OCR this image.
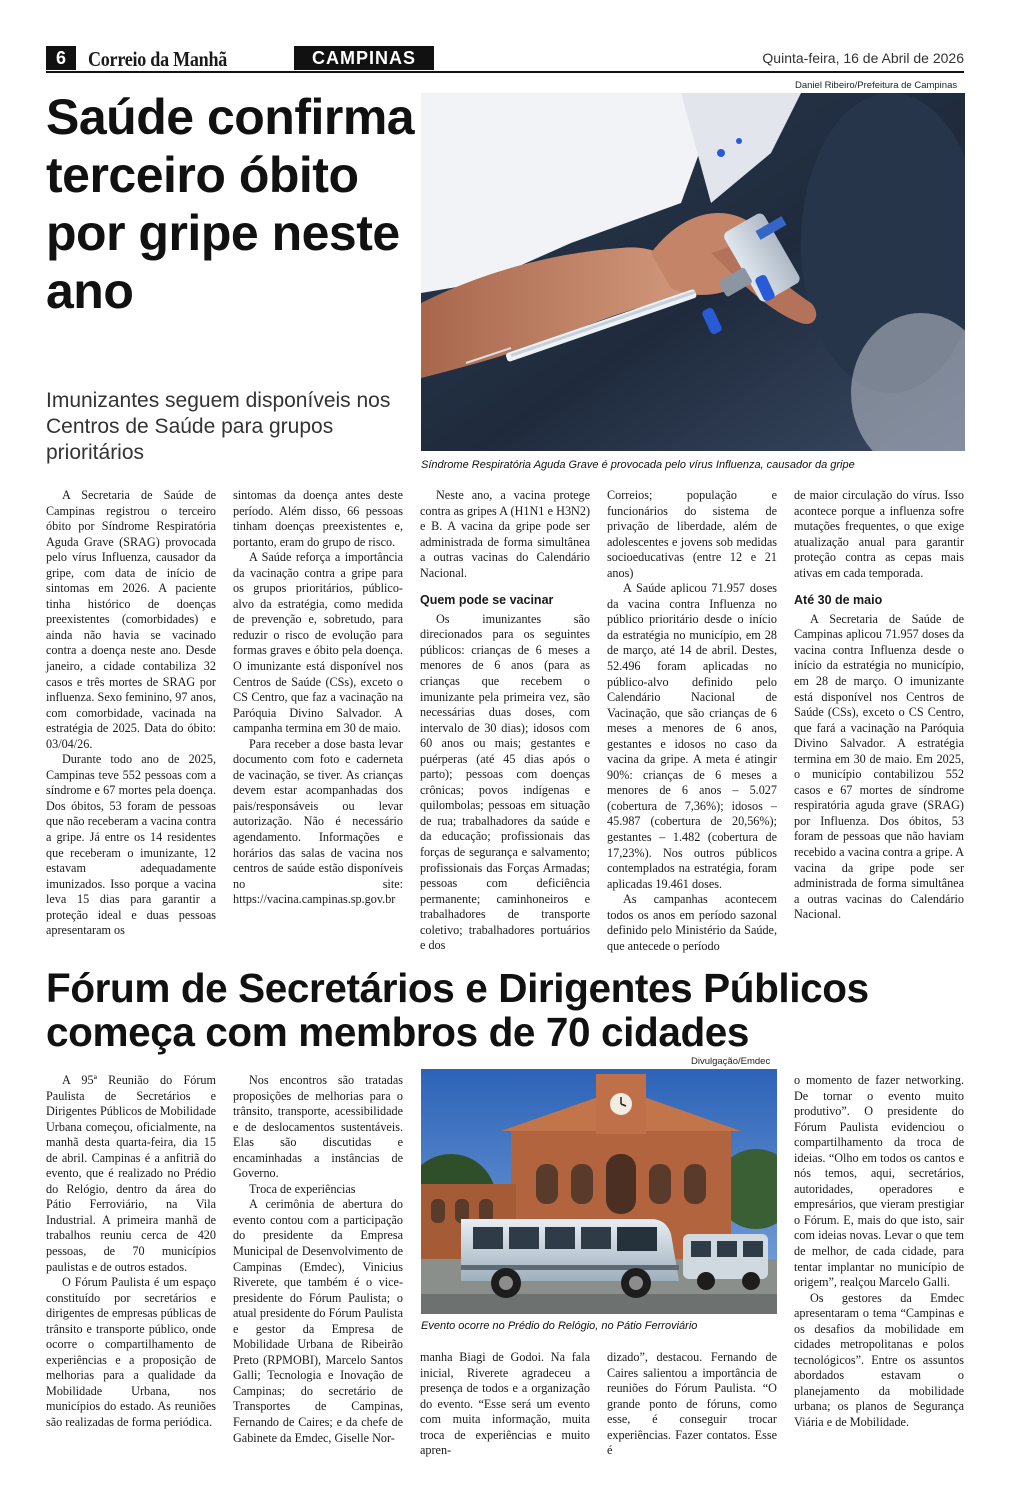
6	Correio da Manhã	CAMPINAS	Quinta-feira, 16 de Abril de 2026
Saúde confirma terceiro óbito por gripe neste ano
Imunizantes seguem disponíveis nos Centros de Saúde para grupos prioritários
Daniel Ribeiro/Prefeitura de Campinas
Síndrome Respiratória Aguda Grave é provocada pelo vírus Influenza, causador da gripe

A Secretaria de Saúde de Campinas registrou o terceiro óbito por Síndrome Respiratória Aguda Grave (SRAG) provocada pelo vírus Influenza, causador da gripe, com data de início de sintomas em 2026. A paciente tinha histórico de doenças preexistentes (comorbidades) e ainda não havia se vacinado contra a doença neste ano. Desde janeiro, a cidade contabiliza 32 casos e três mortes de SRAG por influenza. Sexo feminino, 97 anos, com comorbidade, vacinada na estratégia de 2025. Data do óbito: 03/04/26.

Durante todo ano de 2025, Campinas teve 552 pessoas com a síndrome e 67 mortes pela doença. Dos óbitos, 53 foram de pessoas que não receberam a vacina contra a gripe. Já entre os 14 residentes que receberam o imunizante, 12 estavam adequadamente imunizados. Isso porque a vacina leva 15 dias para garantir a proteção ideal e duas pessoas apresentaram os

sintomas da doença antes deste período. Além disso, 66 pessoas tinham doenças preexistentes e, portanto, eram do grupo de risco.

A Saúde reforça a importância da vacinação contra a gripe para os grupos prioritários, público-alvo da estratégia, como medida de prevenção e, sobretudo, para reduzir o risco de evolução para formas graves e óbito pela doença. O imunizante está disponível nos Centros de Saúde (CSs), exceto o CS Centro, que faz a vacinação na Paróquia Divino Salvador. A campanha termina em 30 de maio.

Para receber a dose basta levar documento com foto e caderneta de vacinação, se tiver. As crianças devem estar acompanhadas dos pais/responsáveis ou levar autorização. Não é necessário agendamento. Informações e horários das salas de vacina nos centros de saúde estão disponíveis no site: https://vacina.campinas.sp.gov.br

Neste ano, a vacina protege contra as gripes A (H1N1 e H3N2) e B. A vacina da gripe pode ser administrada de forma simultânea a outras vacinas do Calendário Nacional.

Quem pode se vacinar

Os imunizantes são direcionados para os seguintes públicos: crianças de 6 meses a menores de 6 anos (para as crianças que recebem o imunizante pela primeira vez, são necessárias duas doses, com intervalo de 30 dias); idosos com 60 anos ou mais; gestantes e puérperas (até 45 dias após o parto); pessoas com doenças crônicas; povos indígenas e quilombolas; pessoas em situação de rua; trabalhadores da saúde e da educação; profissionais das forças de segurança e salvamento; profissionais das Forças Armadas; pessoas com deficiência permanente; caminhoneiros e trabalhadores de transporte coletivo; trabalhadores portuários e dos

Correios; população e funcionários do sistema de privação de liberdade, além de adolescentes e jovens sob medidas socioeducativas (entre 12 e 21 anos)

A Saúde aplicou 71.957 doses da vacina contra Influenza no público prioritário desde o início da estratégia no município, em 28 de março, até 14 de abril. Destes, 52.496 foram aplicadas no público-alvo definido pelo Calendário Nacional de Vacinação, que são crianças de 6 meses a menores de 6 anos, gestantes e idosos no caso da vacina da gripe. A meta é atingir 90%: crianças de 6 meses a menores de 6 anos – 5.027 (cobertura de 7,36%); idosos – 45.987 (cobertura de 20,56%); gestantes – 1.482 (cobertura de 17,23%). Nos outros públicos contemplados na estratégia, foram aplicadas 19.461 doses.

As campanhas acontecem todos os anos em período sazonal definido pelo Ministério da Saúde, que antecede o período

de maior circulação do vírus. Isso acontece porque a influenza sofre mutações frequentes, o que exige atualização anual para garantir proteção contra as cepas mais ativas em cada temporada.

Até 30 de maio

A Secretaria de Saúde de Campinas aplicou 71.957 doses da vacina contra Influenza desde o início da estratégia no município, em 28 de março. O imunizante está disponível nos Centros de Saúde (CSs), exceto o CS Centro, que fará a vacinação na Paróquia Divino Salvador. A estratégia termina em 30 de maio. Em 2025, o município contabilizou 552 casos e 67 mortes de síndrome respiratória aguda grave (SRAG) por Influenza. Dos óbitos, 53 foram de pessoas que não haviam recebido a vacina contra a gripe. A vacina da gripe pode ser administrada de forma simultânea a outras vacinas do Calendário Nacional.

Fórum de Secretários e Dirigentes Públicos começa com membros de 70 cidades
Divulgação/Emdec
Evento ocorre no Prédio do Relógio, no Pátio Ferroviário

A 95ª Reunião do Fórum Paulista de Secretários e Dirigentes Públicos de Mobilidade Urbana começou, oficialmente, na manhã desta quarta-feira, dia 15 de abril. Campinas é a anfitriã do evento, que é realizado no Prédio do Relógio, dentro da área do Pátio Ferroviário, na Vila Industrial. A primeira manhã de trabalhos reuniu cerca de 420 pessoas, de 70 municípios paulistas e de outros estados.

O Fórum Paulista é um espaço constituído por secretários e dirigentes de empresas públicas de trânsito e transporte público, onde ocorre o compartilhamento de experiências e a proposição de melhorias para a qualidade da Mobilidade Urbana, nos municípios do estado. As reuniões são realizadas de forma periódica.

Nos encontros são tratadas proposições de melhorias para o trânsito, transporte, acessibilidade e de deslocamentos sustentáveis. Elas são discutidas e encaminhadas a instâncias de Governo.

Troca de experiências

A cerimônia de abertura do evento contou com a participação do presidente da Empresa Municipal de Desenvolvimento de Campinas (Emdec), Vinicius Riverete, que também é o vice-presidente do Fórum Paulista; o atual presidente do Fórum Paulista e gestor da Empresa de Mobilidade Urbana de Ribeirão Preto (RPMOBI), Marcelo Santos Galli; Tecnologia e Inovação de Campinas; do secretário de Transportes de Campinas, Fernando de Caires; e da chefe de Gabinete da Emdec, Giselle Nor-

manha Biagi de Godoi. Na fala inicial, Riverete agradeceu a presença de todos e a organização do evento. “Esse será um evento com muita informação, muita troca de experiências e muito apren-

dizado”, destacou. Fernando de Caires salientou a importância de reuniões do Fórum Paulista. “O grande ponto de fóruns, como esse, é conseguir trocar experiências. Fazer contatos. Esse é

o momento de fazer networking. De tornar o evento muito produtivo”. O presidente do Fórum Paulista evidenciou o compartilhamento da troca de ideias. “Olho em todos os cantos e nós temos, aqui, secretários, autoridades, operadores e empresários, que vieram prestigiar o Fórum. E, mais do que isto, sair com ideias novas. Levar o que tem de melhor, de cada cidade, para tentar implantar no município de origem”, realçou Marcelo Galli.

Os gestores da Emdec apresentaram o tema “Campinas e os desafios da mobilidade em cidades metropolitanas e polos tecnológicos”. Entre os assuntos abordados estavam o planejamento da mobilidade urbana; os planos de Segurança Viária e de Mobilidade.
